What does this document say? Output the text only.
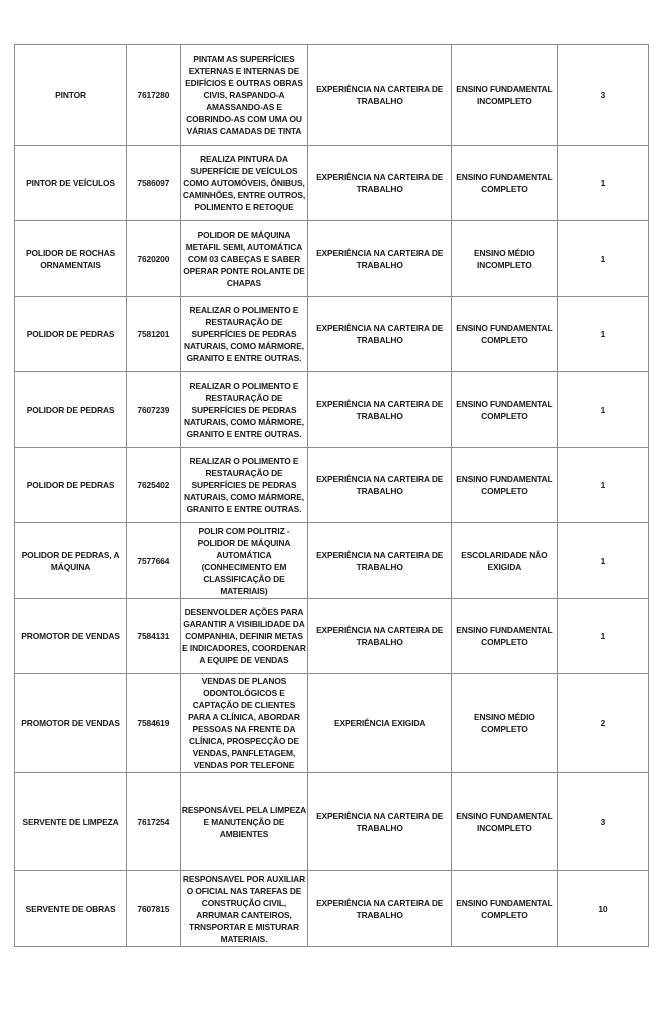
PINTOR	7617280	PINTAM AS SUPERFÍCIES EXTERNAS E INTERNAS DE EDIFÍCIOS E OUTRAS OBRAS CIVIS, RASPANDO-A AMASSANDO-AS E COBRINDO-AS COM UMA OU VÁRIAS CAMADAS DE TINTA	EXPERIÊNCIA NA CARTEIRA DE TRABALHO	ENSINO FUNDAMENTAL INCOMPLETO	3
PINTOR DE VEÍCULOS	7586097	REALIZA PINTURA DA SUPERFÍCIE DE VEÍCULOS COMO AUTOMÓVEIS, ÔNIBUS, CAMINHÕES, ENTRE OUTROS, POLIMENTO E RETOQUE	EXPERIÊNCIA NA CARTEIRA DE TRABALHO	ENSINO FUNDAMENTAL COMPLETO	1
POLIDOR DE ROCHAS ORNAMENTAIS	7620200	POLIDOR DE MÁQUINA METAFIL SEMI, AUTOMÁTICA COM 03 CABEÇAS E SABER OPERAR PONTE ROLANTE DE CHAPAS	EXPERIÊNCIA NA CARTEIRA DE TRABALHO	ENSINO MÉDIO INCOMPLETO	1
POLIDOR DE PEDRAS	7581201	REALIZAR O POLIMENTO E RESTAURAÇÃO DE SUPERFÍCIES DE PEDRAS NATURAIS, COMO MÁRMORE, GRANITO E ENTRE OUTRAS.	EXPERIÊNCIA NA CARTEIRA DE TRABALHO	ENSINO FUNDAMENTAL COMPLETO	1
POLIDOR DE PEDRAS	7607239	REALIZAR O POLIMENTO E RESTAURAÇÃO DE SUPERFÍCIES DE PEDRAS NATURAIS, COMO MÁRMORE, GRANITO E ENTRE OUTRAS.	EXPERIÊNCIA NA CARTEIRA DE TRABALHO	ENSINO FUNDAMENTAL COMPLETO	1
POLIDOR DE PEDRAS	7625402	REALIZAR O POLIMENTO E RESTAURAÇÃO DE SUPERFÍCIES DE PEDRAS NATURAIS, COMO MÁRMORE, GRANITO E ENTRE OUTRAS.	EXPERIÊNCIA NA CARTEIRA DE TRABALHO	ENSINO FUNDAMENTAL COMPLETO	1
POLIDOR DE PEDRAS, A MÁQUINA	7577664	POLIR COM POLITRIZ - POLIDOR DE MÁQUINA AUTOMÁTICA (CONHECIMENTO EM CLASSIFICAÇÃO DE MATERIAIS)	EXPERIÊNCIA NA CARTEIRA DE TRABALHO	ESCOLARIDADE NÃO EXIGIDA	1
PROMOTOR DE VENDAS	7584131	DESENVOLDER AÇÕES PARA GARANTIR A VISIBILIDADE DA COMPANHIA, DEFINIR METAS E INDICADORES, COORDENAR A EQUIPE DE VENDAS	EXPERIÊNCIA NA CARTEIRA DE TRABALHO	ENSINO FUNDAMENTAL COMPLETO	1
PROMOTOR DE VENDAS	7584619	VENDAS DE PLANOS ODONTOLÓGICOS E CAPTAÇÃO DE CLIENTES PARA A CLÍNICA, ABORDAR PESSOAS NA FRENTE DA CLÍNICA, PROSPECÇÃO DE VENDAS, PANFLETAGEM, VENDAS POR TELEFONE	EXPERIÊNCIA EXIGIDA	ENSINO MÉDIO COMPLETO	2
SERVENTE DE LIMPEZA	7617254	RESPONSÁVEL PELA LIMPEZA E MANUTENÇÃO DE AMBIENTES	EXPERIÊNCIA NA CARTEIRA DE TRABALHO	ENSINO FUNDAMENTAL INCOMPLETO	3
SERVENTE DE OBRAS	7607815	RESPONSAVEL POR AUXILIAR O OFICIAL NAS TAREFAS DE CONSTRUÇÃO CIVIL, ARRUMAR CANTEIROS, TRNSPORTAR E MISTURAR MATERIAIS.	EXPERIÊNCIA NA CARTEIRA DE TRABALHO	ENSINO FUNDAMENTAL COMPLETO	10
